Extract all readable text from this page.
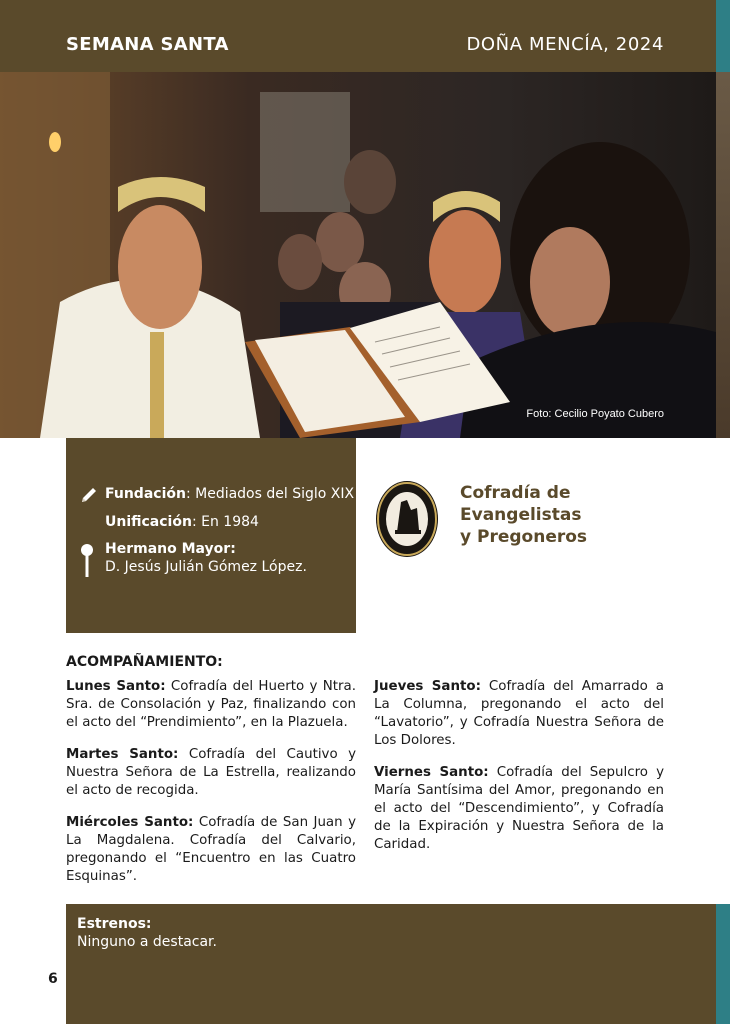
SEMANA SANTA	DOÑA MENCÍA, 2024
Foto: Cecilio Poyato Cubero
Fundación: Mediados del Siglo XIX
Unificación: En 1984
Hermano Mayor:
D. Jesús Julián Gómez López.
Cofradía de
Evangelistas
y Pregoneros
ACOMPAÑAMIENTO:

Lunes Santo: Cofradía del Huerto y Ntra. Sra. de Consolación y Paz, finalizando con el acto del “Prendimiento”, en la Plazuela.

Martes Santo: Cofradía del Cautivo y Nuestra Señora de La Estrella, realizando el acto de recogida.

Miércoles Santo: Cofradía de San Juan y La Magdalena. Cofradía del Calvario, pregonando el “Encuentro en las Cuatro Esquinas”.

Jueves Santo: Cofradía del Amarrado a La Columna, pregonando el acto del “Lavatorio”, y Cofradía Nuestra Señora de Los Dolores.

Viernes Santo: Cofradía del Sepulcro y María Santísima del Amor, pregonando en el acto del “Descendimiento”, y Cofradía de la Expiración y Nuestra Señora de la Caridad.

Estrenos:
Ninguno a destacar.
6
